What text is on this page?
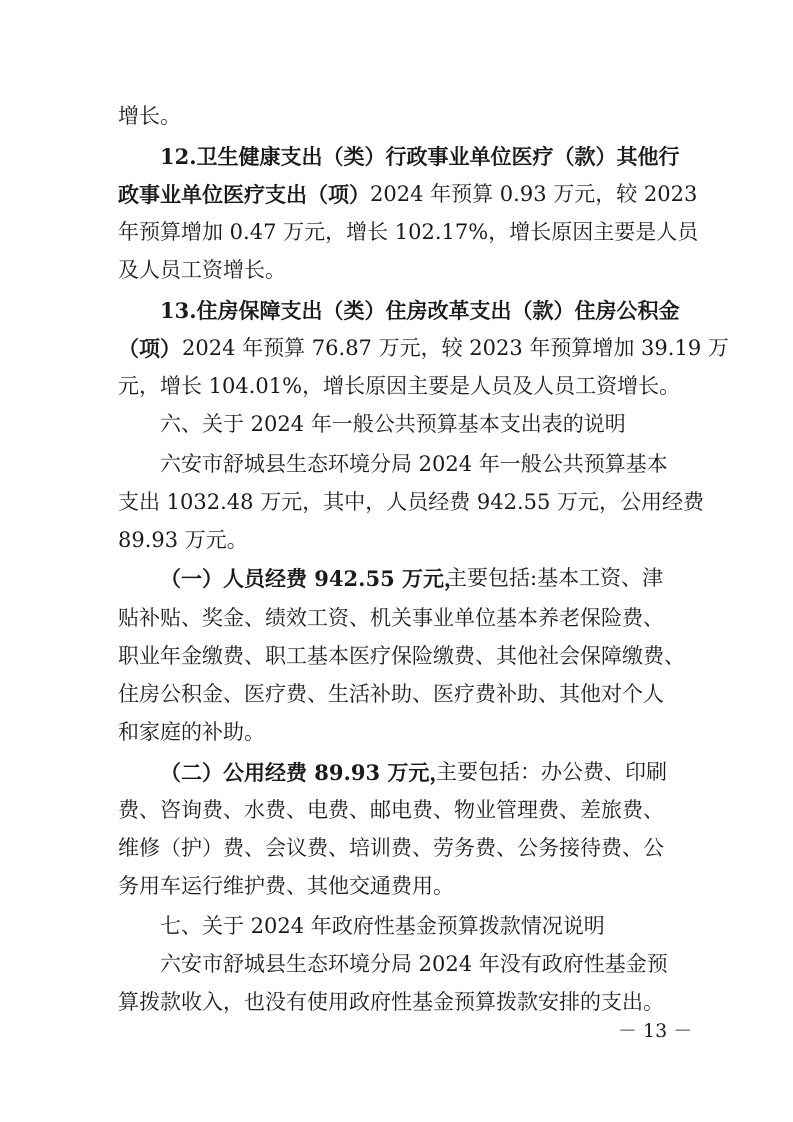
增长。
12.卫生健康支出（类）行政事业单位医疗（款）其他行
政事业单位医疗支出（项） 2024 年预算 0.93 万元，较 2023
年预算增加 0.47 万元，增长 102.17%，增长原因主要是人员
及人员工资增长。
13.住房保障支出（类）住房改革支出（款）住房公积金
（项） 2024 年预算 76.87 万元，较 2023 年预算增加 39.19 万
元，增长 104.01%，增长原因主要是人员及人员工资增长。
六、关于 2024 年一般公共预算基本支出表的说明
六安市舒城县生态环境分局 2024 年一般公共预算基本
支出 1032.48 万元，其中，人员经费 942.55 万元，公用经费
89.93 万元。
（一）人员经费 942.55 万元，
主要包括:基本工资、津
贴补贴、奖金、绩效工资、机关事业单位基本养老保险费、
职业年金缴费、职工基本医疗保险缴费、其他社会保障缴费、
住房公积金、医疗费、生活补助、医疗费补助、其他对个人
和家庭的补助。
（二）公用经费 89.93 万元，
主要包括：办公费、印刷
费、咨询费、水费、电费、邮电费、物业管理费、差旅费、
维修（护）费、会议费、培训费、劳务费、公务接待费、公
务用车运行维护费、其他交通费用。
七、关于 2024 年政府性基金预算拨款情况说明
六安市舒城县生态环境分局 2024 年没有政府性基金预
算拨款收入，也没有使用政府性基金预算拨款安排的支出。
－ 13 －
